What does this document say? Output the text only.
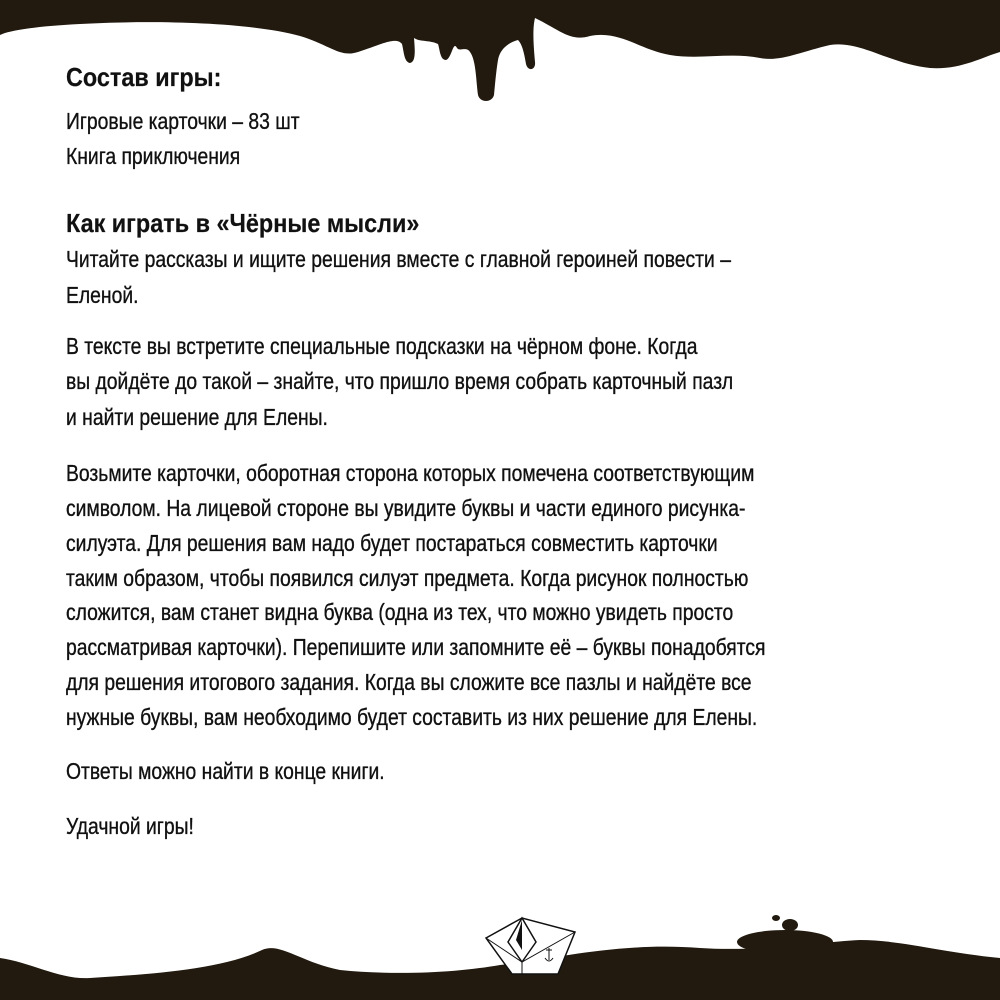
Состав игры:
Игровые карточки – 83 шт
Книга приключения
Как играть в «Чёрные мысли»
Читайте рассказы и ищите решения вместе с главной героиней повести –
Еленой.
В тексте вы встретите специальные подсказки на чёрном фоне. Когда
вы дойдёте до такой – знайте, что пришло время собрать карточный пазл
и найти решение для Елены.
Возьмите карточки, оборотная сторона которых помечена соответствующим
символом. На лицевой стороне вы увидите буквы и части единого рисунка-
силуэта. Для решения вам надо будет постараться совместить карточки
таким образом, чтобы появился силуэт предмета. Когда рисунок полностью
сложится, вам станет видна буква (одна из тех, что можно увидеть просто
рассматривая карточки). Перепишите или запомните её – буквы понадобятся
для решения итогового задания. Когда вы сложите все пазлы и найдёте все
нужные буквы, вам необходимо будет составить из них решение для Елены.
Ответы можно найти в конце книги.
Удачной игры!
